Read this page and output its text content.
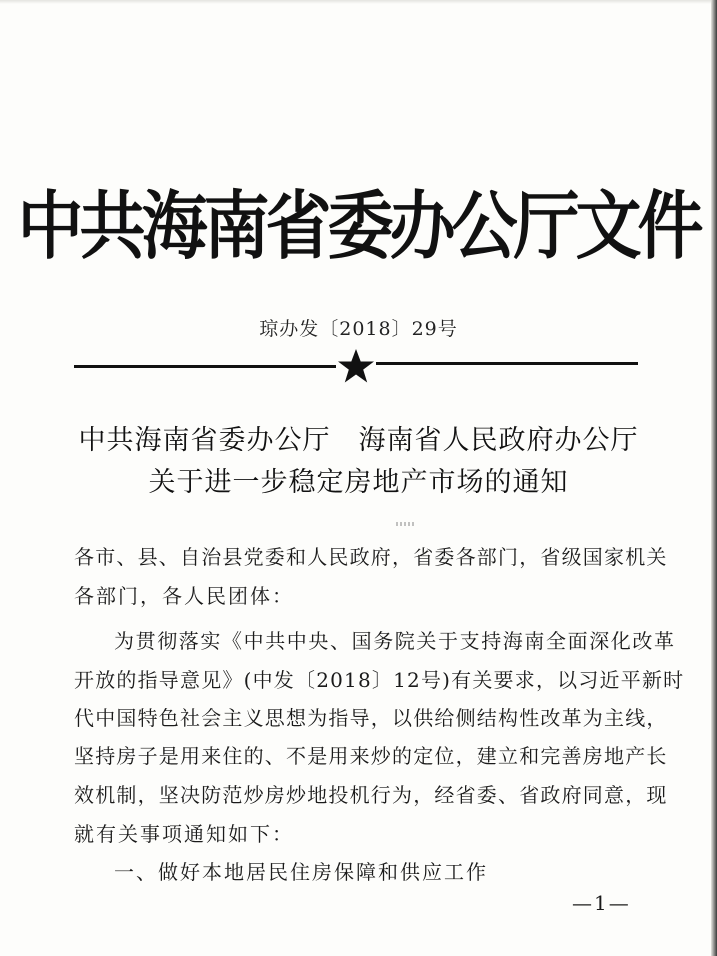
中共海南省委办公厅文件
琼办发〔2018〕29号
中共海南省委办公厅　海南省人民政府办公厅
关于进一步稳定房地产市场的通知
各市、县、自治县党委和人民政府，省委各部门，省级国家机关
各部门，各人民团体：
为贯彻落实《中共中央、国务院关于支持海南全面深化改革
开放的指导意见》(中发〔2018〕12号)有关要求，以习近平新时
代中国特色社会主义思想为指导，以供给侧结构性改革为主线，
坚持房子是用来住的、不是用来炒的定位，建立和完善房地产长
效机制，坚决防范炒房炒地投机行为，经省委、省政府同意，现
就有关事项通知如下：
一、做好本地居民住房保障和供应工作
—1—
